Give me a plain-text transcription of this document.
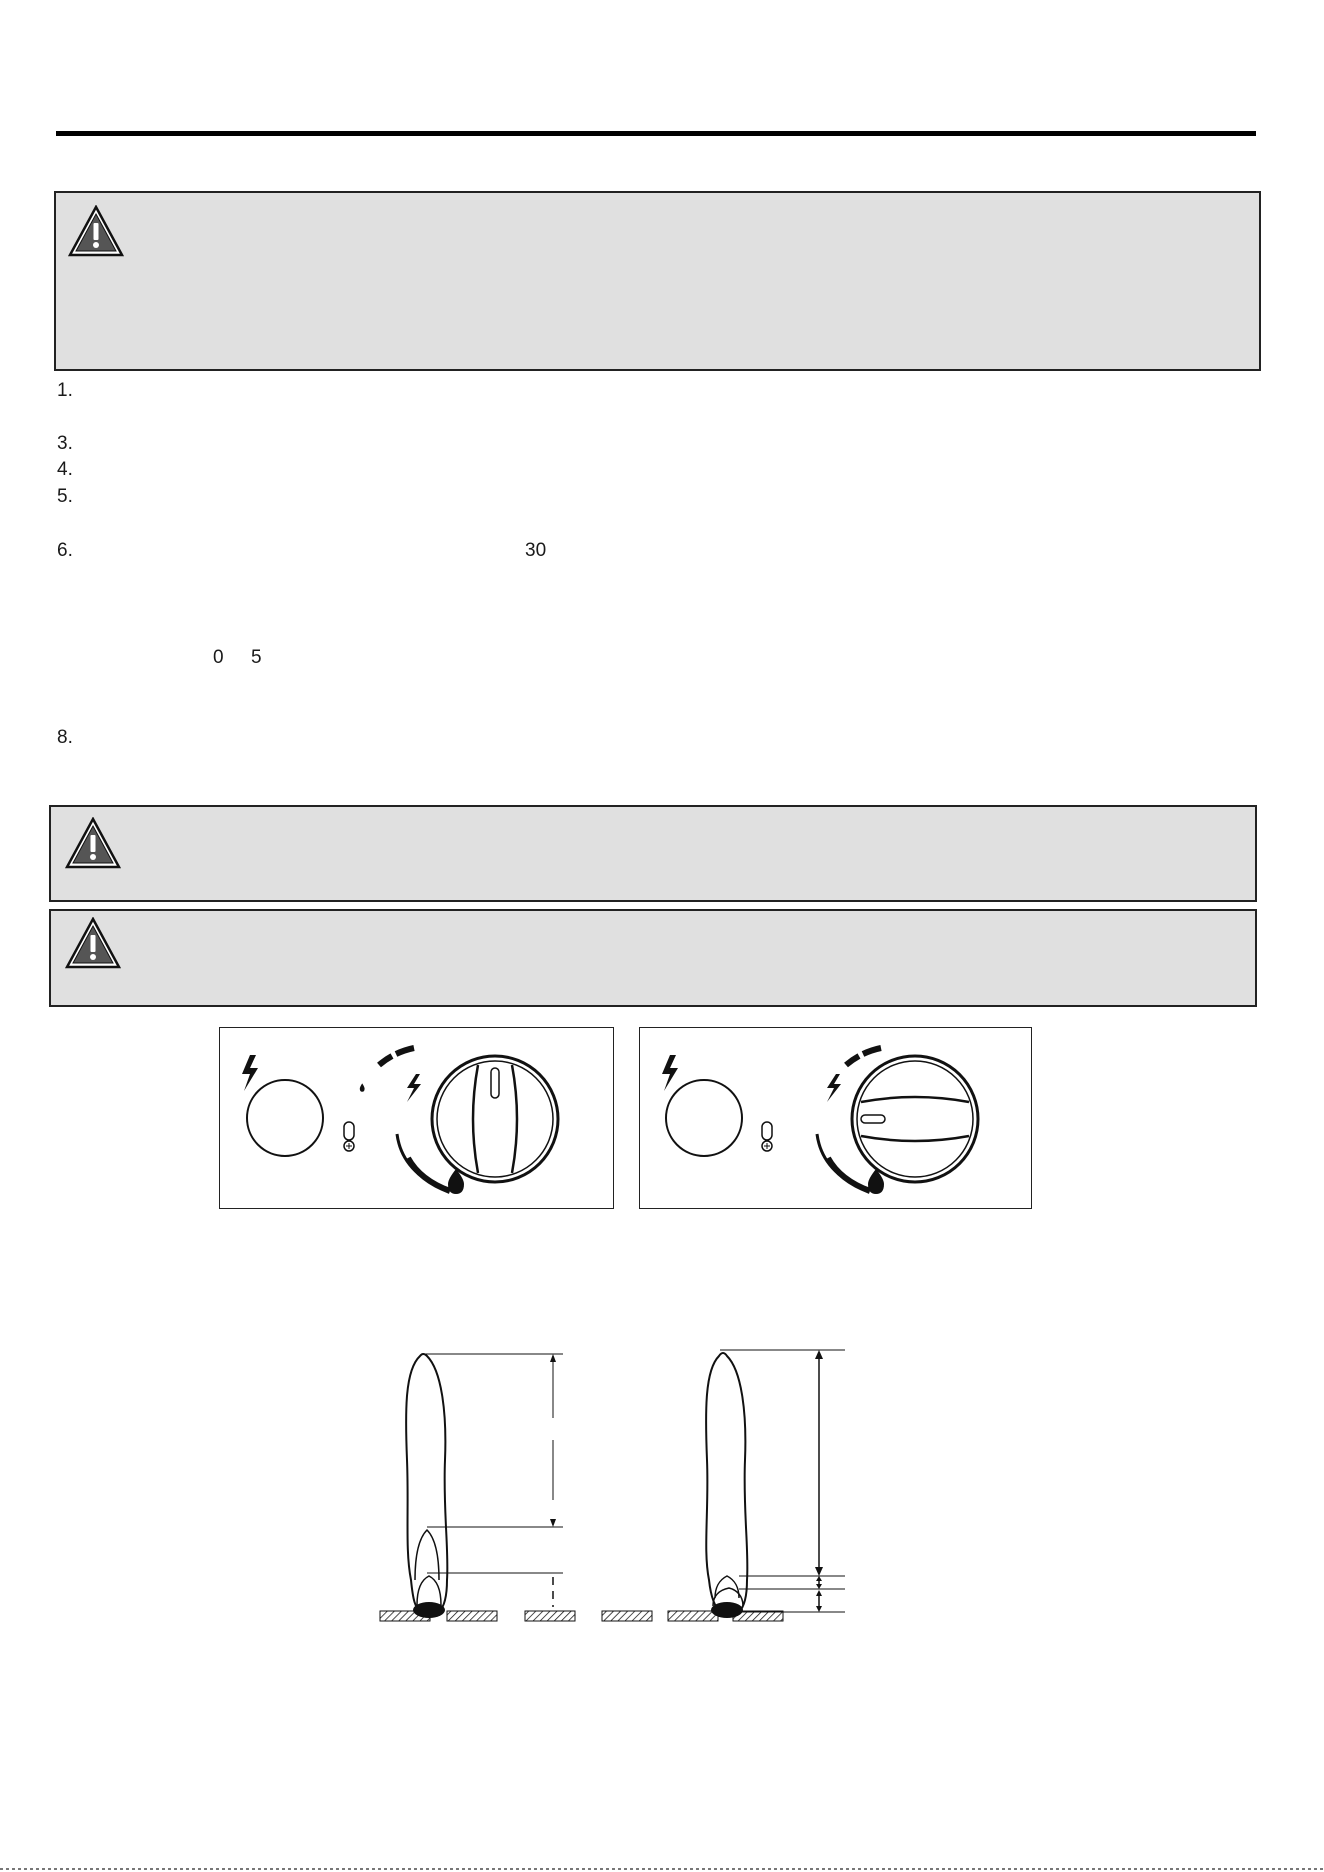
1.
3.
4.
5.
6.	30
0 5
8.
